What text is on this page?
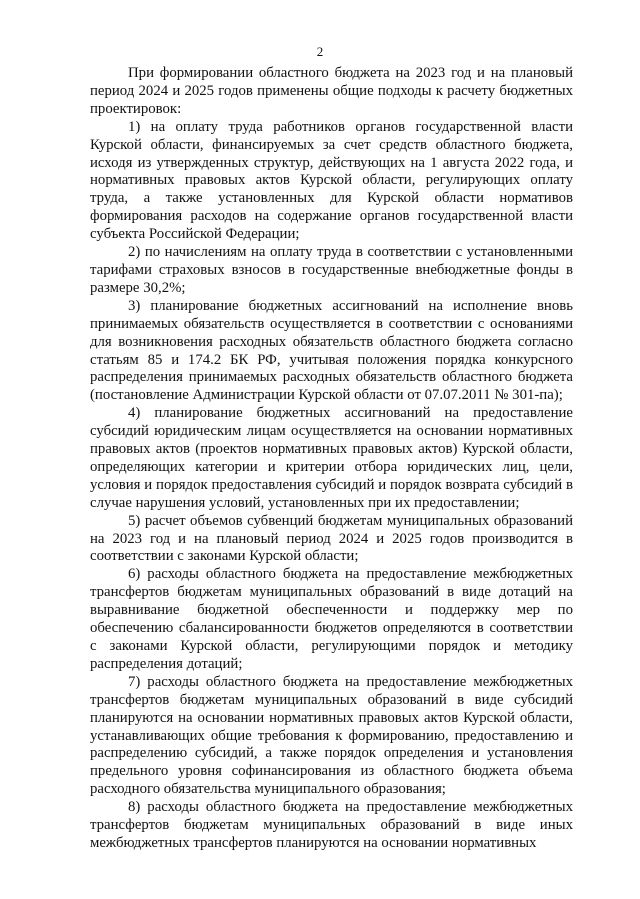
2

При формировании областного бюджета на 2023 год и на плановый период 2024 и 2025 годов применены общие подходы к расчету бюджетных проектировок:

1) на оплату труда работников органов государственной власти Курской области, финансируемых за счет средств областного бюджета, исходя из утвержденных структур, действующих на 1 августа 2022 года, и нормативных правовых актов Курской области, регулирующих оплату труда, а также установленных для Курской области нормативов формирования расходов на содержание органов государственной власти субъекта Российской Федерации;

2) по начислениям на оплату труда в соответствии с установленными тарифами страховых взносов в государственные внебюджетные фонды в размере 30,2%;

3) планирование бюджетных ассигнований на исполнение вновь принимаемых обязательств осуществляется в соответствии с основаниями для возникновения расходных обязательств областного бюджета согласно статьям 85 и 174.2 БК РФ, учитывая положения порядка конкурсного распределения принимаемых расходных обязательств областного бюджета (постановление Администрации Курской области от 07.07.2011 № 301-па);

4) планирование бюджетных ассигнований на предоставление субсидий юридическим лицам осуществляется на основании нормативных правовых актов (проектов нормативных правовых актов) Курской области, определяющих категории и критерии отбора юридических лиц, цели, условия и порядок предоставления субсидий и порядок возврата субсидий в случае нарушения условий, установленных при их предоставлении;

5) расчет объемов субвенций бюджетам муниципальных образований на 2023 год и на плановый период 2024 и 2025 годов производится в соответствии с законами Курской области;

6) расходы областного бюджета на предоставление межбюджетных трансфертов бюджетам муниципальных образований в виде дотаций на выравнивание бюджетной обеспеченности и поддержку мер по обеспечению сбалансированности бюджетов определяются в соответствии с законами Курской области, регулирующими порядок и методику распределения дотаций;

7) расходы областного бюджета на предоставление межбюджетных трансфертов бюджетам муниципальных образований в виде субсидий планируются на основании нормативных правовых актов Курской области, устанавливающих общие требования к формированию, предоставлению и распределению субсидий, а также порядок определения и установления предельного уровня софинансирования из областного бюджета объема расходного обязательства муниципального образования;

8) расходы областного бюджета на предоставление межбюджетных трансфертов бюджетам муниципальных образований в виде иных межбюджетных трансфертов планируются на основании нормативных
